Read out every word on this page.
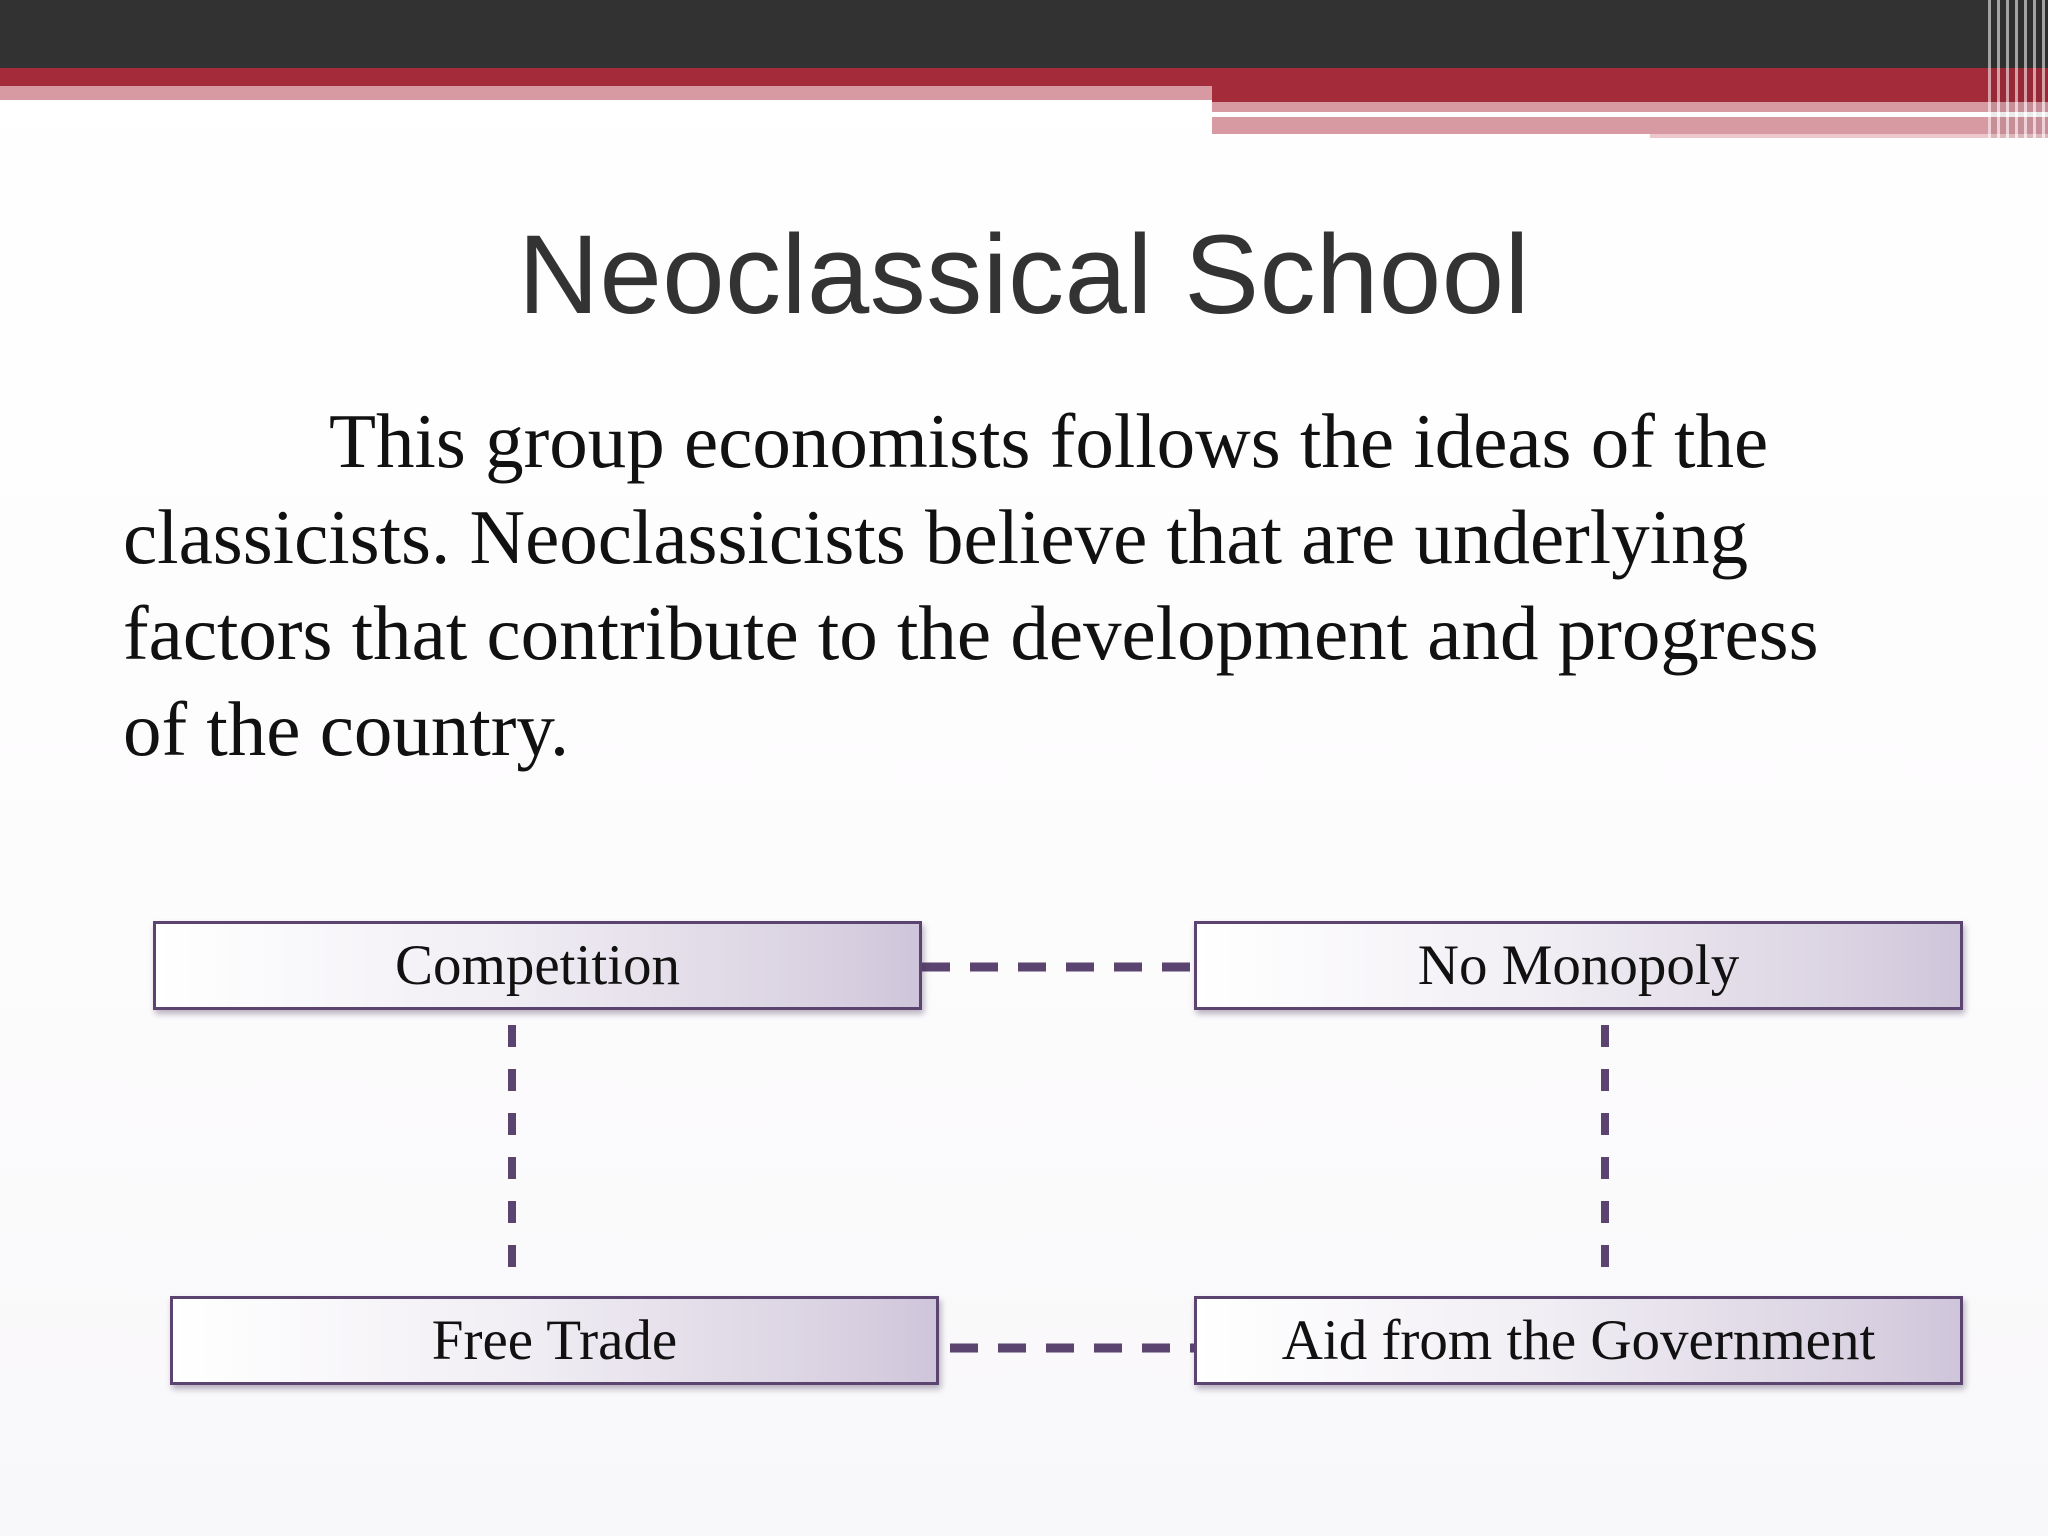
Neoclassical School

This group economists follows the ideas of the classicists. Neoclassicists believe that are underlying factors that contribute to the development and progress of the country.

Competition	No Monopoly
Free Trade	Aid from the Government
